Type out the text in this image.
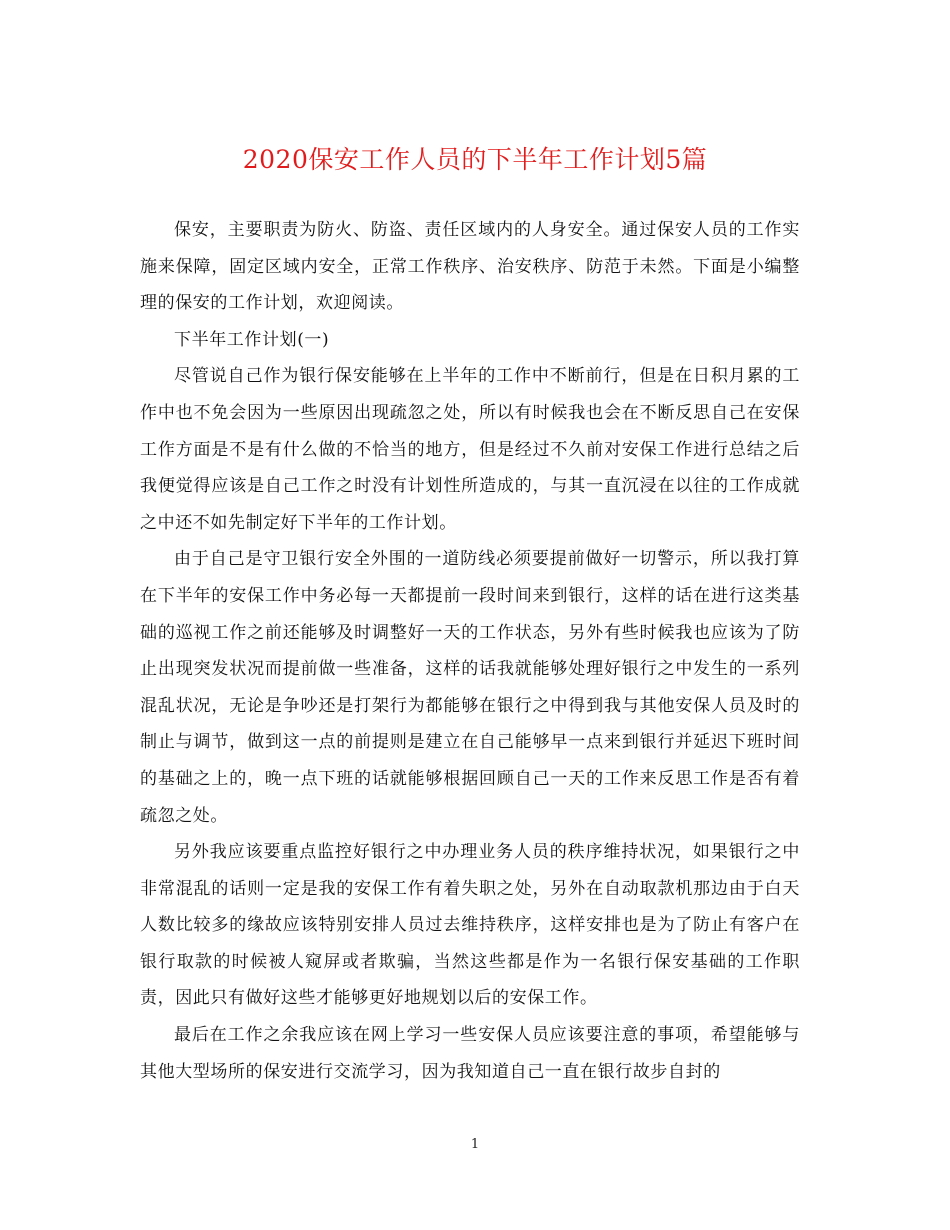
2020保安工作人员的下半年工作计划5篇

保安，主要职责为防火、防盗、责任区域内的人身安全。通过保安人员的工作实施来保障，固定区域内安全，正常工作秩序、治安秩序、防范于未然。下面是小编整理的保安的工作计划，欢迎阅读。

下半年工作计划(一)

尽管说自己作为银行保安能够在上半年的工作中不断前行，但是在日积月累的工作中也不免会因为一些原因出现疏忽之处，所以有时候我也会在不断反思自己在安保工作方面是不是有什么做的不恰当的地方，但是经过不久前对安保工作进行总结之后我便觉得应该是自己工作之时没有计划性所造成的，与其一直沉浸在以往的工作成就之中还不如先制定好下半年的工作计划。

由于自己是守卫银行安全外围的一道防线必须要提前做好一切警示，所以我打算在下半年的安保工作中务必每一天都提前一段时间来到银行，这样的话在进行这类基础的巡视工作之前还能够及时调整好一天的工作状态，另外有些时候我也应该为了防止出现突发状况而提前做一些准备，这样的话我就能够处理好银行之中发生的一系列混乱状况，无论是争吵还是打架行为都能够在银行之中得到我与其他安保人员及时的制止与调节，做到这一点的前提则是建立在自己能够早一点来到银行并延迟下班时间的基础之上的，晚一点下班的话就能够根据回顾自己一天的工作来反思工作是否有着疏忽之处。

另外我应该要重点监控好银行之中办理业务人员的秩序维持状况，如果银行之中非常混乱的话则一定是我的安保工作有着失职之处，另外在自动取款机那边由于白天人数比较多的缘故应该特别安排人员过去维持秩序，这样安排也是为了防止有客户在银行取款的时候被人窥屏或者欺骗，当然这些都是作为一名银行保安基础的工作职责，因此只有做好这些才能够更好地规划以后的安保工作。

最后在工作之余我应该在网上学习一些安保人员应该要注意的事项，希望能够与其他大型场所的保安进行交流学习，因为我知道自己一直在银行故步自封的

1
